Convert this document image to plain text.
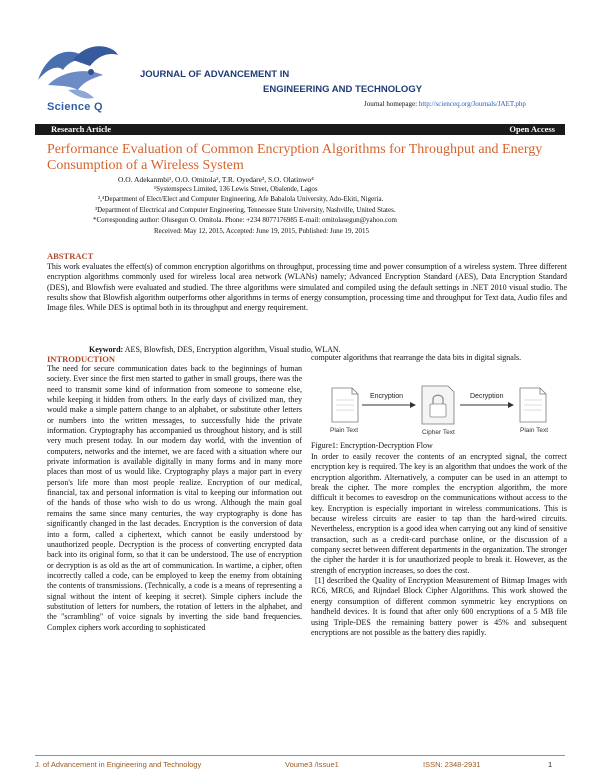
Science Q
JOURNAL OF ADVANCEMENT IN
ENGINEERING AND TECHNOLOGY
Journal homepage: http://scienceq.org/Journals/JAET.php
Research Article	Open Access
Performance Evaluation of Common Encryption Algorithms for Throughput and Energy Consumption of a Wireless System
O.O. Adekanmbi¹, O.O. Omitola², T.R. Oyedare³, S.O. Olatinwo⁴
¹Systemspecs Limited, 136 Lewis Street, Obalende, Lagos
²,⁴Department of Elect/Elect and Computer Engineering, Afe Babalola University, Ado-Ekiti, Nigeria.
³Department of Electrical and Computer Engineering, Tennessee State University, Nashville, United States.
*Corresponding author: Olusegun O. Omitola. Phone: +234 8077176985 E-mail: omitolasegun@yahoo.com
Received: May 12, 2015, Accepted: June 19, 2015, Published: June 19, 2015
ABSTRACT
This work evaluates the effect(s) of common encryption algorithms on throughput, processing time and power consumption of a wireless system. Three different encryption algorithms commonly used for wireless local area network (WLANs) namely; Advanced Encryption Standard (AES), Data Encryption Standard (DES), and Blowfish were evaluated and studied. The three algorithms were simulated and compiled using the default settings in .NET 2010 visual studio. The results show that Blowfish algorithm outperforms other algorithms in terms of energy consumption, processing time and throughput for Text data, Audio files and Image files. While DES is optimal both in its throughput and energy requirement.
Keyword: AES, Blowfish, DES, Encryption algorithm, Visual studio, WLAN.
INTRODUCTION
The need for secure communication dates back to the beginnings of human society. Ever since the first men started to gather in small groups, there was the need to transmit some kind of information from someone to someone else, while keeping it hidden from others. In the early days of civilized man, they would make a simple pattern change to an alphabet, or substitute other letters or numbers into the written messages, to successfully hide the private information. Cryptography has accompanied us throughout history, and is still very much present today. In our modern day world, with the invention of computers, networks and the internet, we are faced with a situation where our private information is available digitally in many forms and in many more places than most of us would like. Cryptography plays a major part in every person's life more than most people realize. Encryption of our medical, financial, tax and personal information is vital to keeping our information out of the hands of those who wish to do us wrong. Although the main goal remains the same since many centuries, the way cryptography is done has significantly changed in the last decades. Encryption is the conversion of data into a form, called a ciphertext, which cannot be easily understood by unauthorized people. Decryption is the process of converting encrypted data back into its original form, so that it can be understood. The use of encryption or decryption is as old as the art of communication. In wartime, a cipher, often incorrectly called a code, can be employed to keep the enemy from obtaining the contents of transmissions. (Technically, a code is a means of representing a signal without the intent of keeping it secret). Simple ciphers include the substitution of letters for numbers, the rotation of letters in the alphabet, and the "scrambling" of voice signals by inverting the side band frequencies. Complex ciphers work according to sophisticated
computer algorithms that rearrange the data bits in digital signals.
Encryption	Decryption
Plain Text	Cipher Text	Plain Text
Figure1: Encryption-Decryption Flow

In order to easily recover the contents of an encrypted signal, the correct encryption key is required. The key is an algorithm that undoes the work of the encryption algorithm. Alternatively, a computer can be used in an attempt to break the cipher. The more complex the encryption algorithm, the more difficult it becomes to eavesdrop on the communications without access to the key. Encryption is especially important in wireless communications. This is because wireless circuits are easier to tap than the hard-wired circuits. Nevertheless, encryption is a good idea when carrying out any kind of sensitive transaction, such as a credit-card purchase online, or the discussion of a company secret between different departments in the organization. The stronger the cipher the harder it is for unauthorized people to break it. However, as the strength of encryption increases, so does the cost.

[1] described the Quality of Encryption Measurement of Bitmap Images with RC6, MRC6, and Rijndael Block Cipher Algorithms. This work showed the energy consumption of different common symmetric key encryptions on handheld devices. It is found that after only 600 encryptions of a 5 MB file using Triple-DES the remaining battery power is 45% and subsequent encryptions are not possible as the battery dies rapidly.

J. of Advancement in Engineering and Technology	Voume3 /Issue1	ISSN: 2348-2931	1
